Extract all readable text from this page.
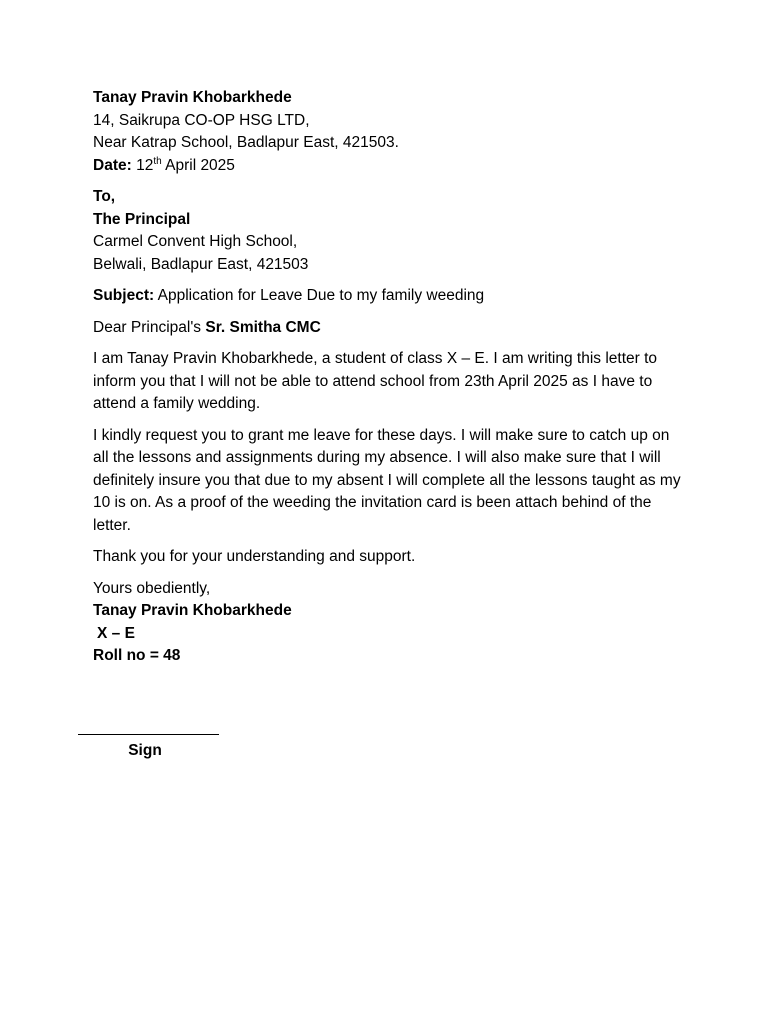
Tanay Pravin Khobarkhede
14, Saikrupa CO-OP HSG LTD,
Near Katrap School, Badlapur East, 421503.
Date: 12th April 2025
To,
The Principal
Carmel Convent High School,
Belwali, Badlapur East, 421503
Subject: Application for Leave Due to my family weeding
Dear Principal's Sr. Smitha CMC

I am Tanay Pravin Khobarkhede, a student of class X – E. I am writing this letter to inform you that I will not be able to attend school from 23th April 2025 as I have to attend a family wedding.

I kindly request you to grant me leave for these days. I will make sure to catch up on all the lessons and assignments during my absence. I will also make sure that I will definitely insure you that due to my absent I will complete all the lessons taught as my 10 is on. As a proof of the weeding the invitation card is been attach behind of the letter.

Thank you for your understanding and support.

Yours obediently,
Tanay Pravin Khobarkhede
X – E
Roll no = 48
Sign
